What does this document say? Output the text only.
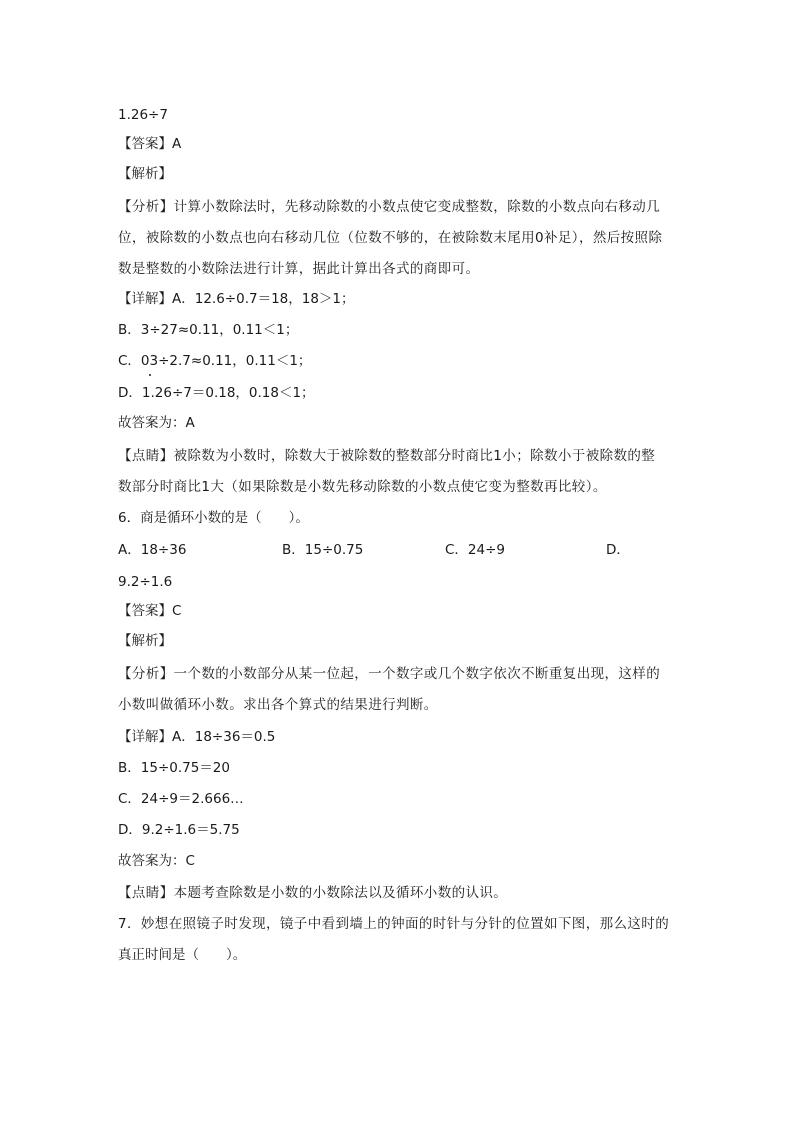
1.26÷7
【答案】A
【解析】
【分析】计算小数除法时，先移动除数的小数点使它变成整数，除数的小数点向右移动几
位，被除数的小数点也向右移动几位（位数不够的，在被除数末尾用0补足），然后按照除
数是整数的小数除法进行计算，据此计算出各式的商即可。
【详解】A．12.6÷0.7＝18，18＞1；
B．3÷27≈0.11，0.11＜1；
C．03÷2.7≈0.11，0.11＜1；
D．1.26÷7＝0.18，0.18＜1；
故答案为：A
【点睛】被除数为小数时，除数大于被除数的整数部分时商比1小；除数小于被除数的整
数部分时商比1大（如果除数是小数先移动除数的小数点使它变为整数再比较）。
6．商是循环小数的是（　　）。
A．18÷36	B．15÷0.75	C．24÷9	D．
9.2÷1.6
【答案】C
【解析】
【分析】一个数的小数部分从某一位起，一个数字或几个数字依次不断重复出现，这样的
小数叫做循环小数。求出各个算式的结果进行判断。
【详解】A．18÷36＝0.5
B．15÷0.75＝20
C．24÷9＝2.666…
D．9.2÷1.6＝5.75
故答案为：C
【点睛】本题考查除数是小数的小数除法以及循环小数的认识。
7．妙想在照镜子时发现，镜子中看到墙上的钟面的时针与分针的位置如下图，那么这时的
真正时间是（　　）。
